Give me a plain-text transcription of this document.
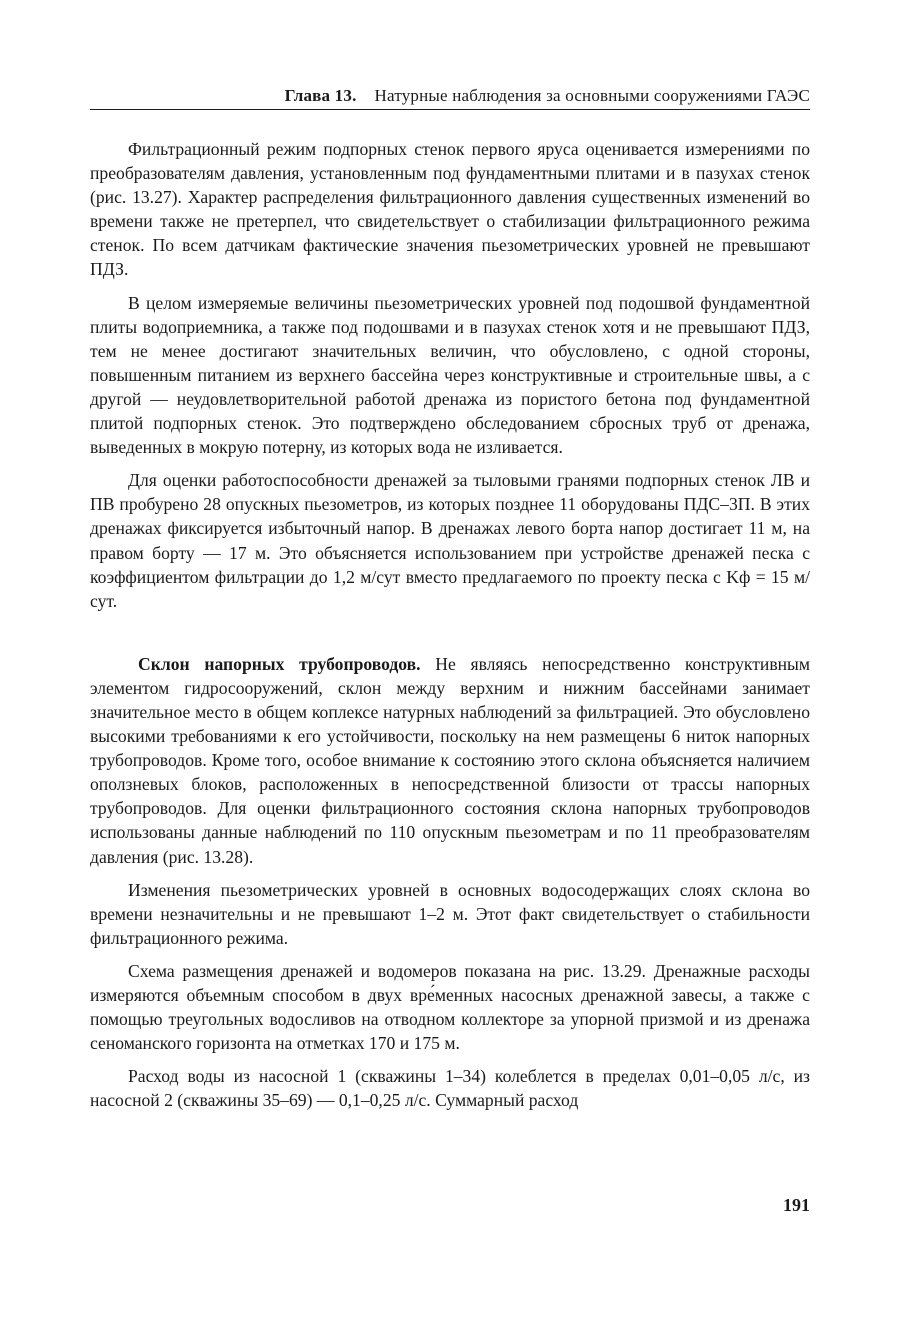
Глава 13. Натурные наблюдения за основными сооружениями ГАЭС

Фильтрационный режим подпорных стенок первого яруса оценивается измерениями по преобразователям давления, установленным под фундаментными плитами и в пазухах стенок (рис. 13.27). Характер распределения фильтрационного давления существенных изменений во времени также не претерпел, что свидетельствует о стабилизации фильтрационного режима стенок. По всем датчикам фактические значения пьезометрических уровней не превышают ПДЗ.

В целом измеряемые величины пьезометрических уровней под подошвой фундаментной плиты водоприемника, а также под подошвами и в пазухах стенок хотя и не превышают ПДЗ, тем не менее достигают значительных величин, что обусловлено, с одной стороны, повышенным питанием из верхнего бассейна через конструктивные и строительные швы, а с другой — неудовлетворительной работой дренажа из пористого бетона под фундаментной плитой подпорных стенок. Это подтверждено обследованием сбросных труб от дренажа, выведенных в мокрую потерну, из которых вода не изливается.

Для оценки работоспособности дренажей за тыловыми гранями подпорных стенок ЛВ и ПВ пробурено 28 опускных пьезометров, из которых позднее 11 оборудованы ПДС–3П. В этих дренажах фиксируется избыточный напор. В дренажах левого борта напор достигает 11 м, на правом борту — 17 м. Это объясняется использованием при устройстве дренажей песка с коэффициентом фильтрации до 1,2 м/сут вместо предлагаемого по проекту песка с Kф = 15 м/сут.

Склон напорных трубопроводов. Не являясь непосредственно конструктивным элементом гидросооружений, склон между верхним и нижним бассейнами занимает значительное место в общем коплексе натурных наблюдений за фильтрацией. Это обусловлено высокими требованиями к его устойчивости, поскольку на нем размещены 6 ниток напорных трубопроводов. Кроме того, особое внимание к состоянию этого склона объясняется наличием оползневых блоков, расположенных в непосредственной близости от трассы напорных трубопроводов. Для оценки фильтрационного состояния склона напорных трубопроводов использованы данные наблюдений по 110 опускным пьезометрам и по 11 преобразователям давления (рис. 13.28).

Изменения пьезометрических уровней в основных водосодержащих слоях склона во времени незначительны и не превышают 1–2 м. Этот факт свидетельствует о стабильности фильтрационного режима.

Схема размещения дренажей и водомеров показана на рис. 13.29. Дренажные расходы измеряются объемным способом в двух вре́менных насосных дренажной завесы, а также с помощью треугольных водосливов на отводном коллекторе за упорной призмой и из дренажа сеноманского горизонта на отметках 170 и 175 м.

Расход воды из насосной 1 (скважины 1–34) колеблется в пределах 0,01–0,05 л/с, из насосной 2 (скважины 35–69) — 0,1–0,25 л/с. Суммарный расход

191
